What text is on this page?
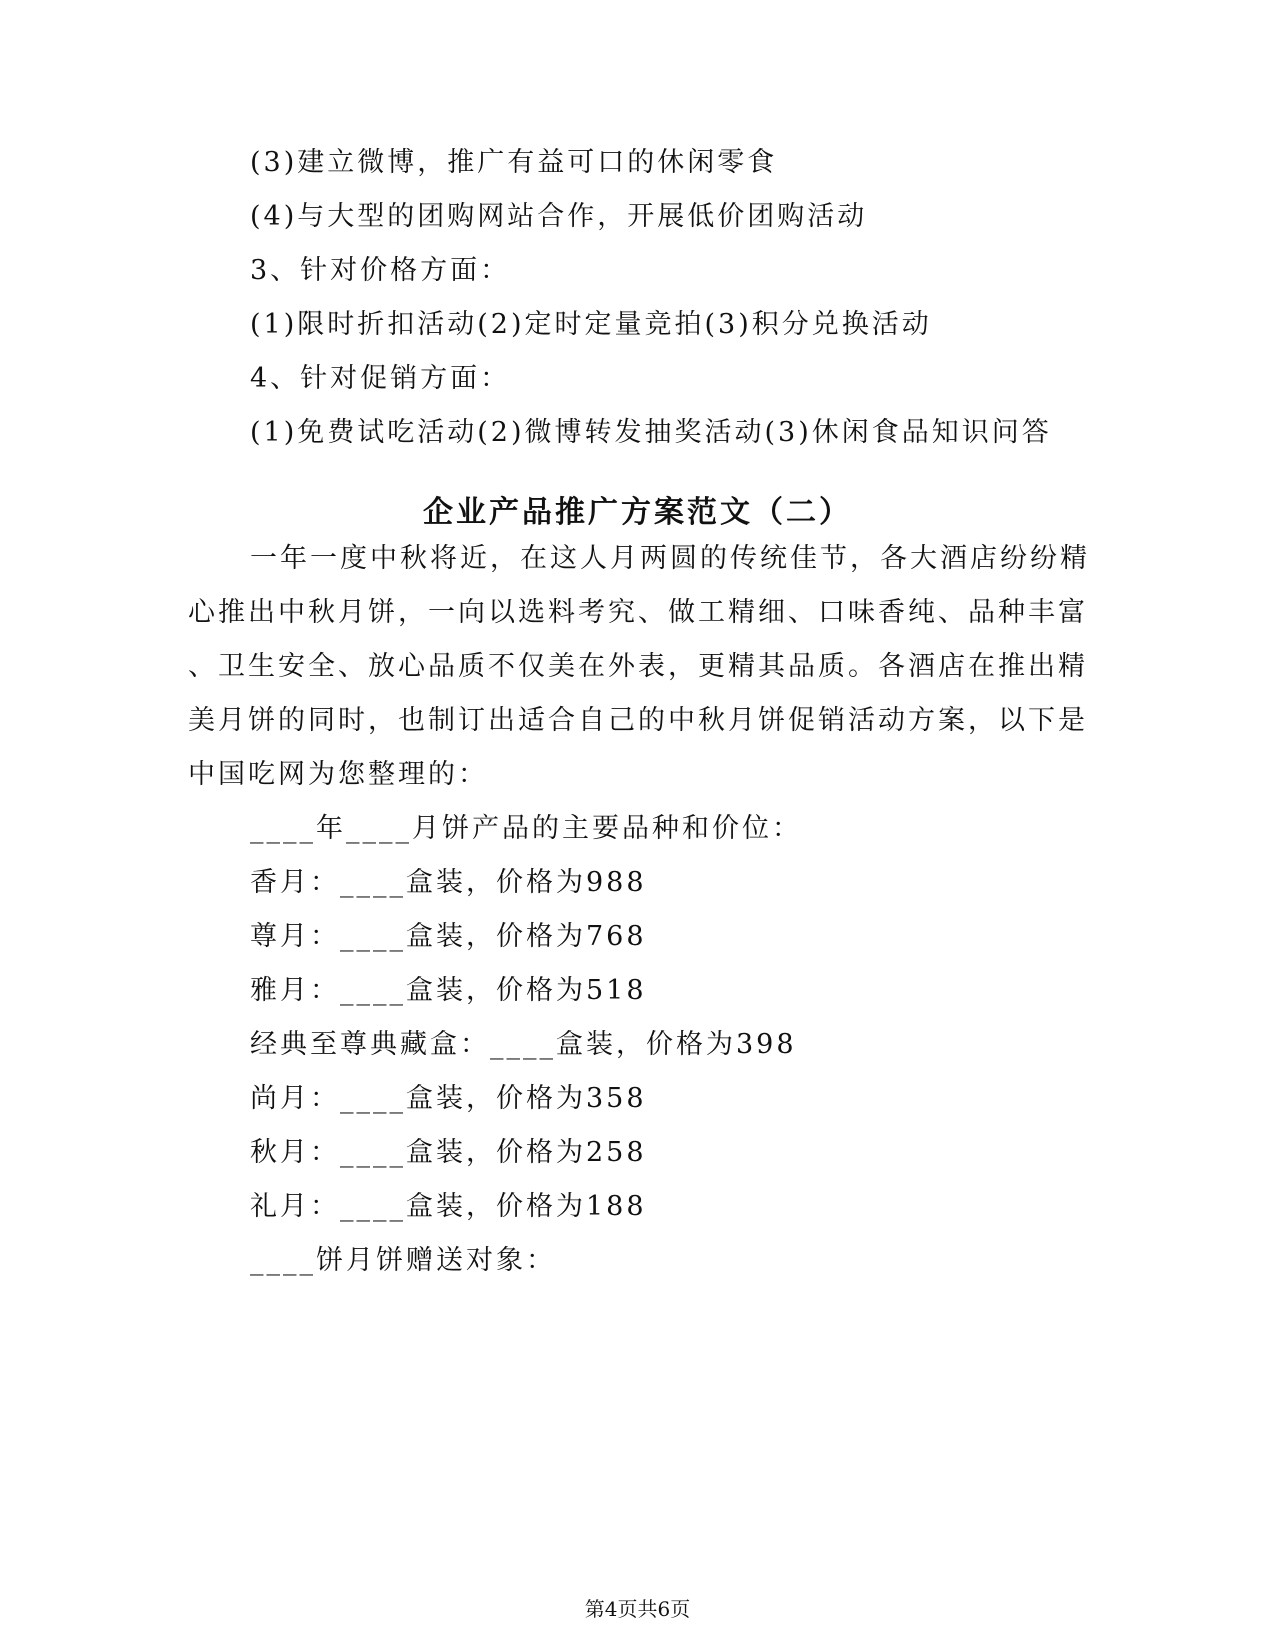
(3)建立微博，推广有益可口的休闲零食
(4)与大型的团购网站合作，开展低价团购活动
3、针对价格方面：
(1)限时折扣活动(2)定时定量竞拍(3)积分兑换活动
4、针对促销方面：
(1)免费试吃活动(2)微博转发抽奖活动(3)休闲食品知识问答
企业产品推广方案范文（二）
一年一度中秋将近，在这人月两圆的传统佳节，各大酒店纷纷精
心推出中秋月饼，一向以选料考究、做工精细、口味香纯、品种丰富
、卫生安全、放心品质不仅美在外表，更精其品质。各酒店在推出精
美月饼的同时，也制订出适合自己的中秋月饼促销活动方案，以下是
中国吃网为您整理的：
____年____月饼产品的主要品种和价位：
香月：____盒装，价格为988
尊月：____盒装，价格为768
雅月：____盒装，价格为518
经典至尊典藏盒：____盒装，价格为398
尚月：____盒装，价格为358
秋月：____盒装，价格为258
礼月：____盒装，价格为188
____饼月饼赠送对象：
第4页共6页
